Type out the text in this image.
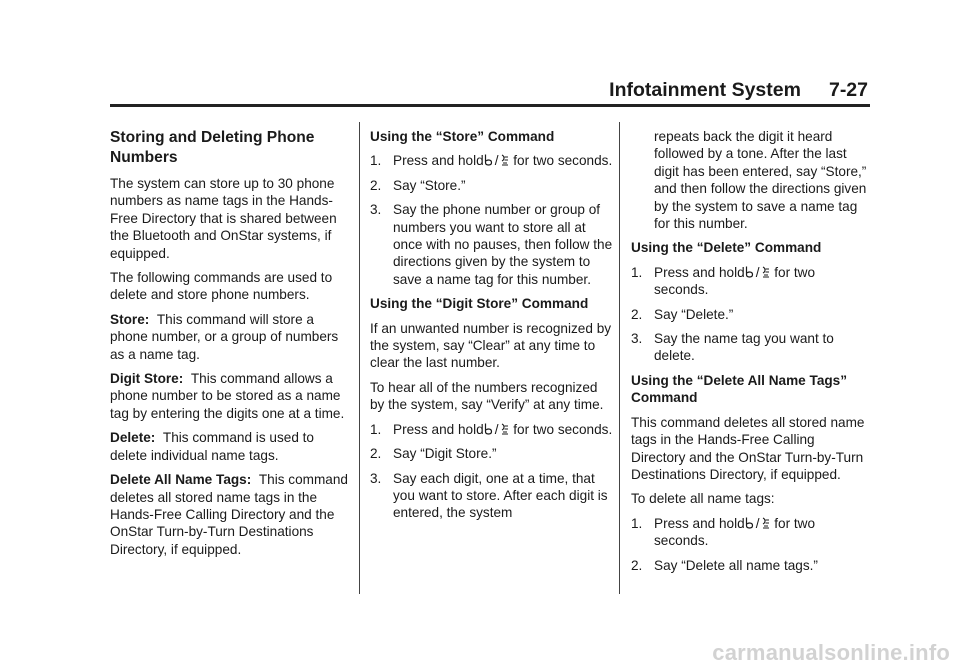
Infotainment System 7-27
Storing and Deleting Phone Numbers

The system can store up to 30 phone numbers as name tags in the Hands-Free Directory that is shared between the Bluetooth and OnStar systems, if equipped.

The following commands are used to delete and store phone numbers.

Store: This command will store a phone number, or a group of numbers as a name tag.

Digit Store: This command allows a phone number to be stored as a name tag by entering the digits one at a time.

Delete: This command is used to delete individual name tags.

Delete All Name Tags: This command deletes all stored name tags in the Hands-Free Calling Directory and the OnStar Turn-by-Turn Destinations Directory, if equipped.

Using the “Store” Command
1. Press and hold / for two seconds.
2. Say “Store.”
3. Say the phone number or group of numbers you want to store all at once with no pauses, then follow the directions given by the system to save a name tag for this number.
Using the “Digit Store” Command

If an unwanted number is recognized by the system, say “Clear” at any time to clear the last number.

To hear all of the numbers recognized by the system, say “Verify” at any time.

1. Press and hold / for two seconds.
2. Say “Digit Store.”
3. Say each digit, one at a time, that you want to store. After each digit is entered, the system
repeats back the digit it heard followed by a tone. After the last digit has been entered, say “Store,” and then follow the directions given by the system to save a name tag for this number.
Using the “Delete” Command
1. Press and hold / for two seconds.
2. Say “Delete.”
3. Say the name tag you want to delete.
Using the “Delete All Name Tags” Command

This command deletes all stored name tags in the Hands-Free Calling Directory and the OnStar Turn-by-Turn Destinations Directory, if equipped.

To delete all name tags:

1. Press and hold / for two seconds.
2. Say “Delete all name tags.”
carmanualsonline.info
